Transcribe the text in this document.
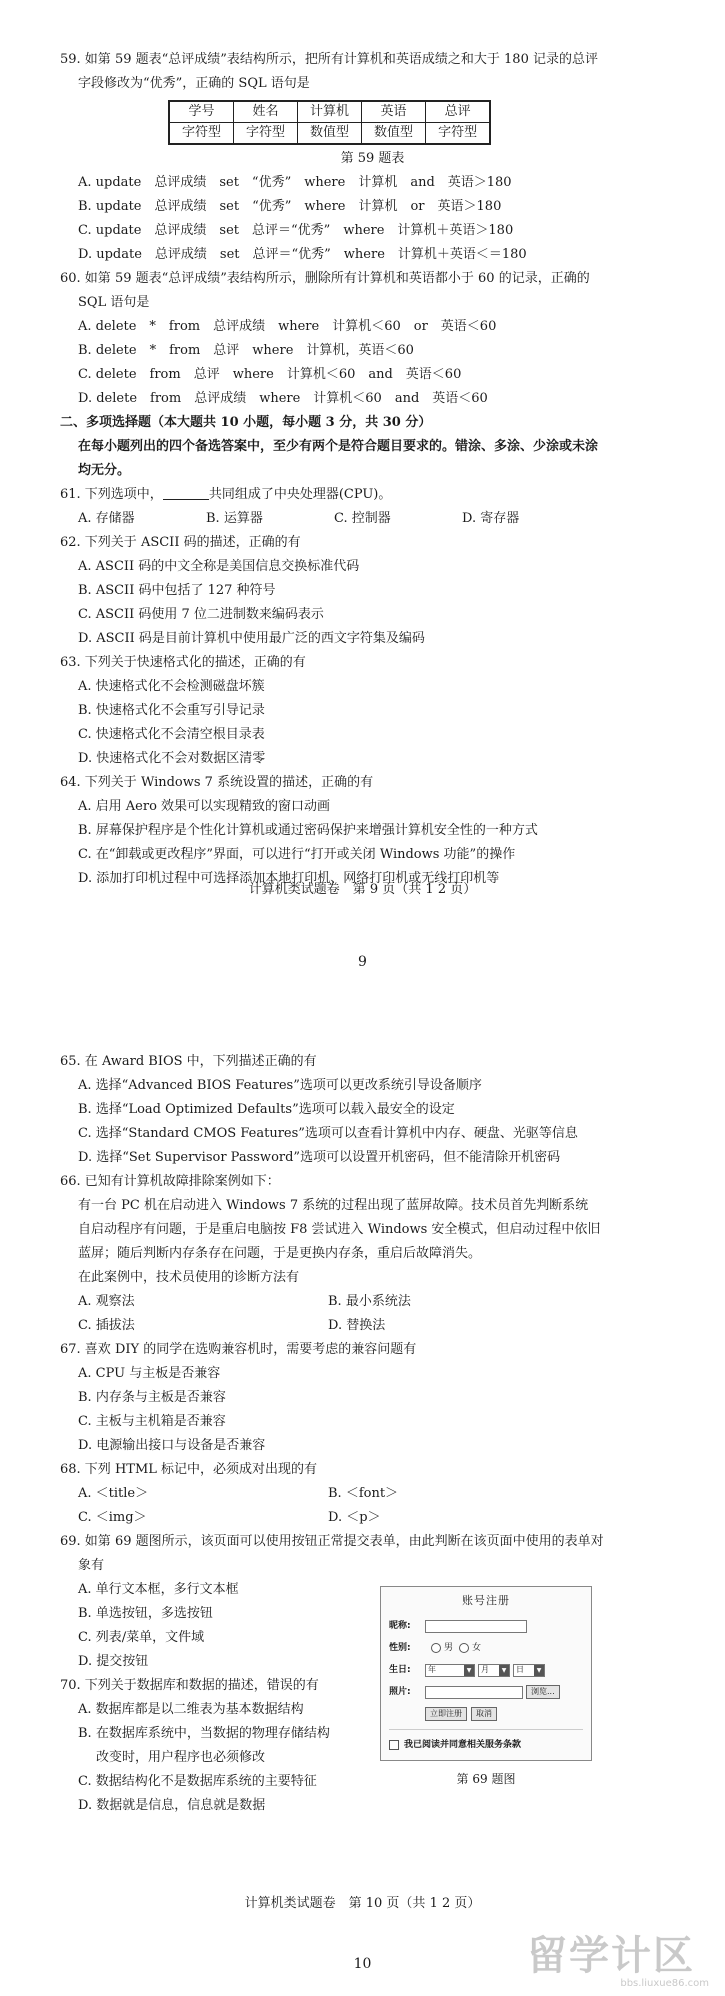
59. 如第 59 题表“总评成绩”表结构所示，把所有计算机和英语成绩之和大于 180 记录的总评

字段修改为“优秀”，正确的 SQL 语句是

学号	姓名	计算机	英语	总评
字符型	字符型	数值型	数值型	字符型

第 59 题表

A. update　总评成绩　set　“优秀”　where　计算机　and　英语＞180

B. update　总评成绩　set　“优秀”　where　计算机　or　英语＞180

C. update　总评成绩　set　总评＝“优秀”　where　计算机＋英语＞180

D. update　总评成绩　set　总评＝“优秀”　where　计算机＋英语＜＝180

60. 如第 59 题表“总评成绩”表结构所示，删除所有计算机和英语都小于 60 的记录，正确的

SQL 语句是

A. delete　*　from　总评成绩　where　计算机＜60　or　英语＜60

B. delete　*　from　总评　where　计算机，英语＜60

C. delete　from　总评　where　计算机＜60　and　英语＜60

D. delete　from　总评成绩　where　计算机＜60　and　英语＜60

二、多项选择题（本大题共 10 小题，每小题 3 分，共 30 分）

在每小题列出的四个备选答案中，至少有两个是符合题目要求的。错涂、多涂、少涂或未涂

均无分。

61. 下列选项中，	共同组成了中央处理器(CPU)。

A. 存储器	B. 运算器	C. 控制器	D. 寄存器

62. 下列关于 ASCII 码的描述，正确的有

A. ASCII 码的中文全称是美国信息交换标准代码

B. ASCII 码中包括了 127 种符号

C. ASCII 码使用 7 位二进制数来编码表示

D. ASCII 码是目前计算机中使用最广泛的西文字符集及编码

63. 下列关于快速格式化的描述，正确的有

A. 快速格式化不会检测磁盘坏簇

B. 快速格式化不会重写引导记录

C. 快速格式化不会清空根目录表

D. 快速格式化不会对数据区清零

64. 下列关于 Windows 7 系统设置的描述，正确的有

A. 启用 Aero 效果可以实现精致的窗口动画

B. 屏幕保护程序是个性化计算机或通过密码保护来增强计算机安全性的一种方式

C. 在“卸载或更改程序”界面，可以进行“打开或关闭 Windows 功能”的操作

D. 添加打印机过程中可选择添加本地打印机、网络打印机或无线打印机等

计算机类试题卷　第 9 页（共 1 2 页）
9

65. 在 Award BIOS 中，下列描述正确的有

A. 选择“Advanced BIOS Features”选项可以更改系统引导设备顺序

B. 选择“Load Optimized Defaults”选项可以载入最安全的设定

C. 选择“Standard CMOS Features”选项可以查看计算机中内存、硬盘、光驱等信息

D. 选择“Set Supervisor Password”选项可以设置开机密码，但不能清除开机密码

66. 已知有计算机故障排除案例如下：

有一台 PC 机在启动进入 Windows 7 系统的过程出现了蓝屏故障。技术员首先判断系统

自启动程序有问题，于是重启电脑按 F8 尝试进入 Windows 安全模式，但启动过程中依旧

蓝屏；随后判断内存条存在问题，于是更换内存条，重启后故障消失。

在此案例中，技术员使用的诊断方法有

A. 观察法	B. 最小系统法
C. 插拔法	D. 替换法

67. 喜欢 DIY 的同学在选购兼容机时，需要考虑的兼容问题有

A. CPU 与主板是否兼容

B. 内存条与主板是否兼容

C. 主板与主机箱是否兼容

D. 电源输出接口与设备是否兼容

68. 下列 HTML 标记中，必须成对出现的有

A. ＜title＞	B. ＜font＞
C. ＜img＞	D. ＜p＞

69. 如第 69 题图所示，该页面可以使用按钮正常提交表单，由此判断在该页面中使用的表单对

象有

A. 单行文本框，多行文本框

B. 单选按钮，多选按钮

C. 列表/菜单，文件域

D. 提交按钮

70. 下列关于数据库和数据的描述，错误的有

A. 数据库都是以二维表为基本数据结构

B. 在数据库系统中，当数据的物理存储结构

改变时，用户程序也必须修改

C. 数据结构化不是数据库系统的主要特征

D. 数据就是信息，信息就是数据

账号注册
昵称:
性别:	男 女
生日:	年	▼	月	▼	日	▼
照片:	浏览...
立即注册	取消
我已阅读并同意相关服务条款
第 69 题图
计算机类试题卷　第 10 页（共 1 2 页）
10	留学计区
bbs.liuxue86.com
